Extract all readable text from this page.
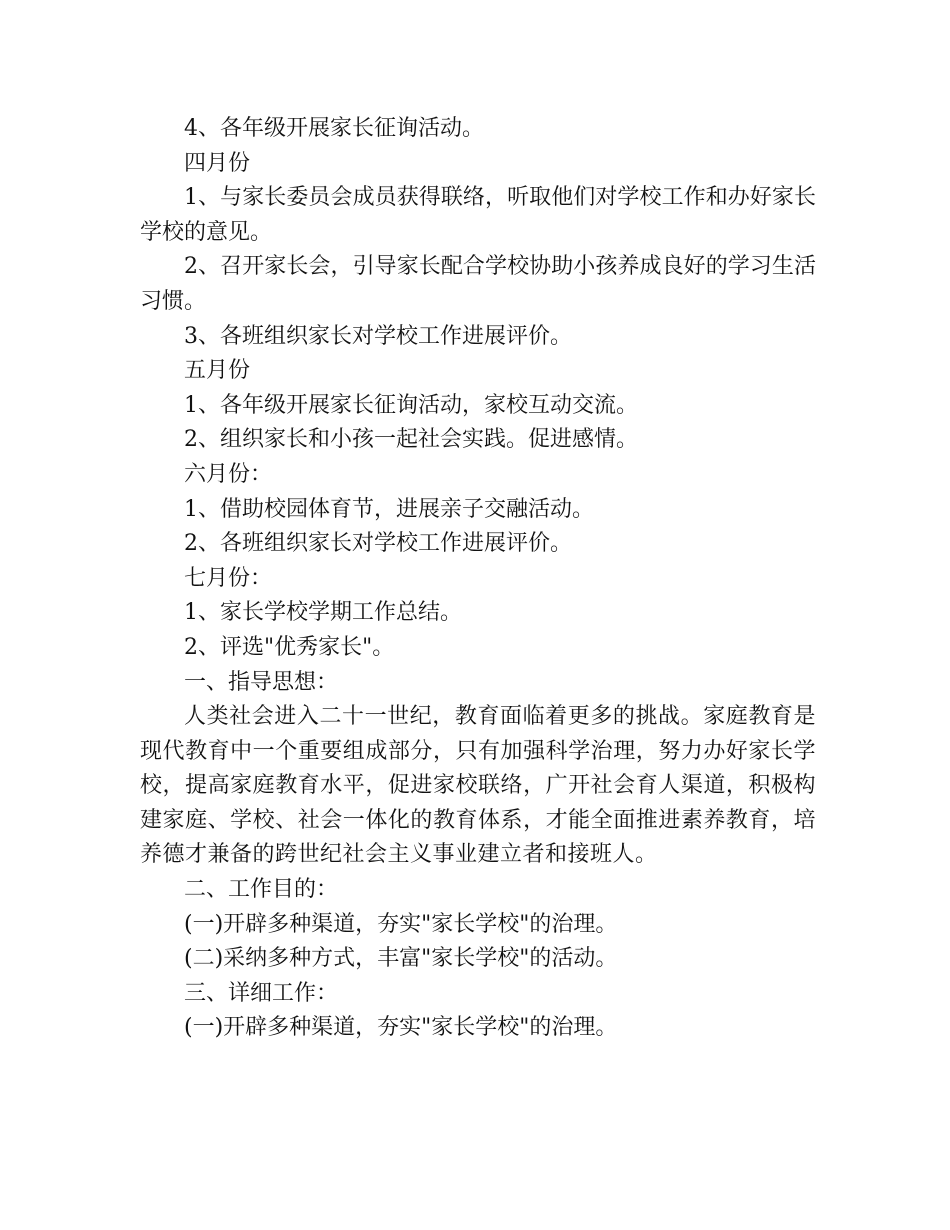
4、各年级开展家长征询活动。

四月份

1、与家长委员会成员获得联络，听取他们对学校工作和办好家长学校的意见。

2、召开家长会，引导家长配合学校协助小孩养成良好的学习生活习惯。

3、各班组织家长对学校工作进展评价。

五月份

1、各年级开展家长征询活动，家校互动交流。

2、组织家长和小孩一起社会实践。促进感情。

六月份：

1、借助校园体育节，进展亲子交融活动。

2、各班组织家长对学校工作进展评价。

七月份：

1、家长学校学期工作总结。

2、评选"优秀家长"。

一、指导思想：

人类社会进入二十一世纪，教育面临着更多的挑战。家庭教育是现代教育中一个重要组成部分，只有加强科学治理，努力办好家长学校，提高家庭教育水平，促进家校联络，广开社会育人渠道，积极构建家庭、学校、社会一体化的教育体系，才能全面推进素养教育，培养德才兼备的跨世纪社会主义事业建立者和接班人。

二、工作目的：

(一)开辟多种渠道，夯实"家长学校"的治理。

(二)采纳多种方式，丰富"家长学校"的活动。

三、详细工作：

(一)开辟多种渠道，夯实"家长学校"的治理。
